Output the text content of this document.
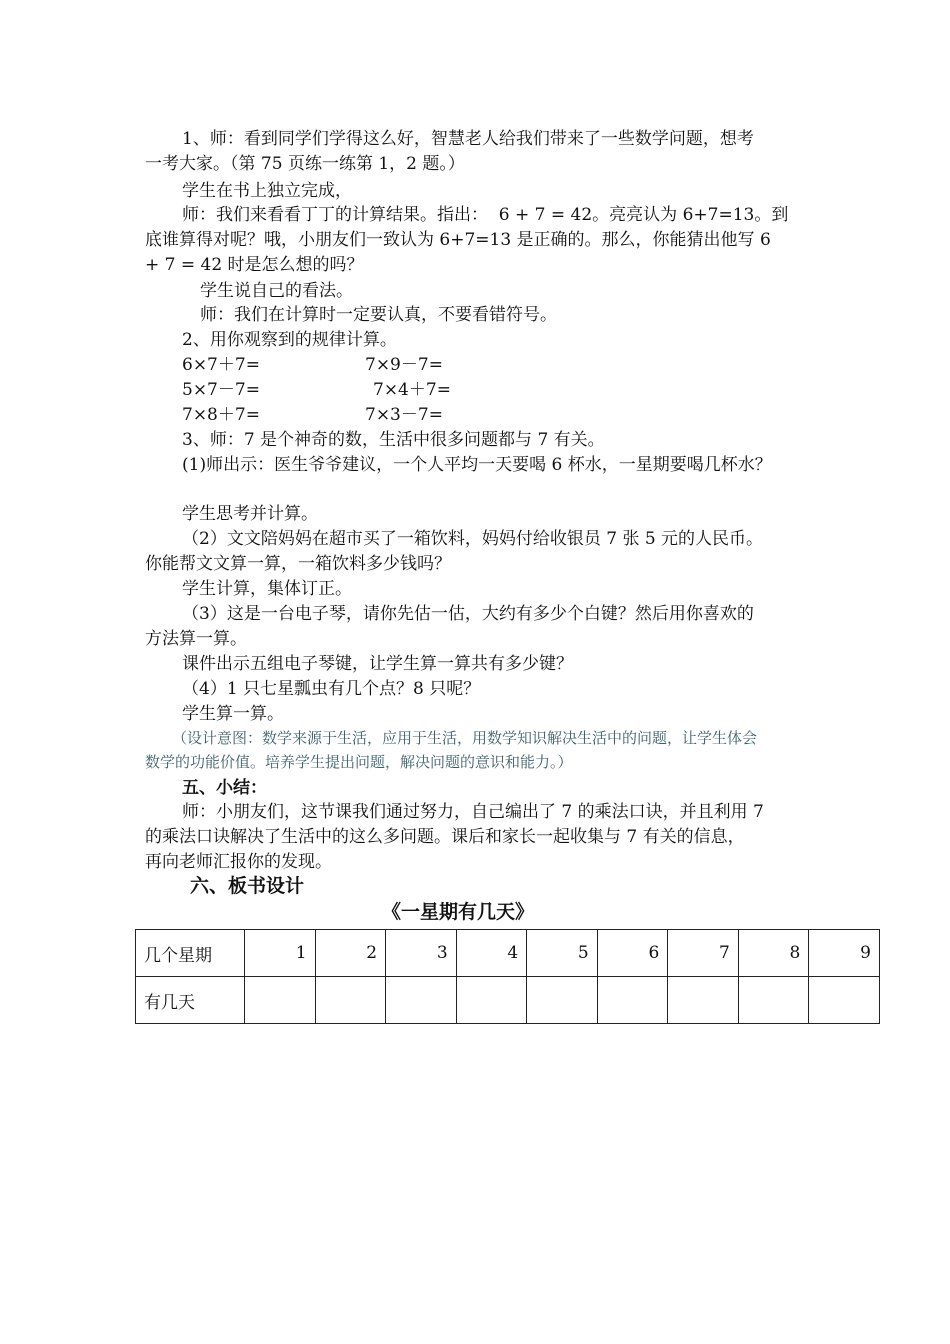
1、师：看到同学们学得这么好，智慧老人给我们带来了一些数学问题，想考
一考大家。（第 75 页练一练第 1，2 题。）
学生在书上独立完成，
师：我们来看看丁丁的计算结果。指出：  6 + 7 = 42。亮亮认为 6+7=13。到
底谁算得对呢？哦，小朋友们一致认为 6+7=13 是正确的。那么，你能猜出他写 6
+ 7 = 42 时是怎么想的吗？
学生说自己的看法。
师：我们在计算时一定要认真，不要看错符号。
2、用你观察到的规律计算。
6×7＋7=	7×9－7=
5×7－7=	7×4＋7=
7×8＋7=	7×3－7=
3、师：7 是个神奇的数，生活中很多问题都与 7 有关。
(1)师出示：医生爷爷建议，一个人平均一天要喝 6 杯水，一星期要喝几杯水？
学生思考并计算。
（2）文文陪妈妈在超市买了一箱饮料，妈妈付给收银员 7 张 5 元的人民币。
你能帮文文算一算，一箱饮料多少钱吗？
学生计算，集体订正。
（3）这是一台电子琴，请你先估一估，大约有多少个白键？然后用你喜欢的
方法算一算。
课件出示五组电子琴键，让学生算一算共有多少键？
（4）1 只七星瓢虫有几个点？8 只呢？
学生算一算。
（设计意图：数学来源于生活，应用于生活，用数学知识解决生活中的问题，让学生体会
数学的功能价值。培养学生提出问题，解决问题的意识和能力。）
五、小结：
师：小朋友们，这节课我们通过努力，自己编出了 7 的乘法口诀，并且利用 7
的乘法口诀解决了生活中的这么多问题。课后和家长一起收集与 7 有关的信息，
再向老师汇报你的发现。
六、板书设计
《一星期有几天》
几个星期	1	2	3	4	5	6	7	8	9
有几天									
